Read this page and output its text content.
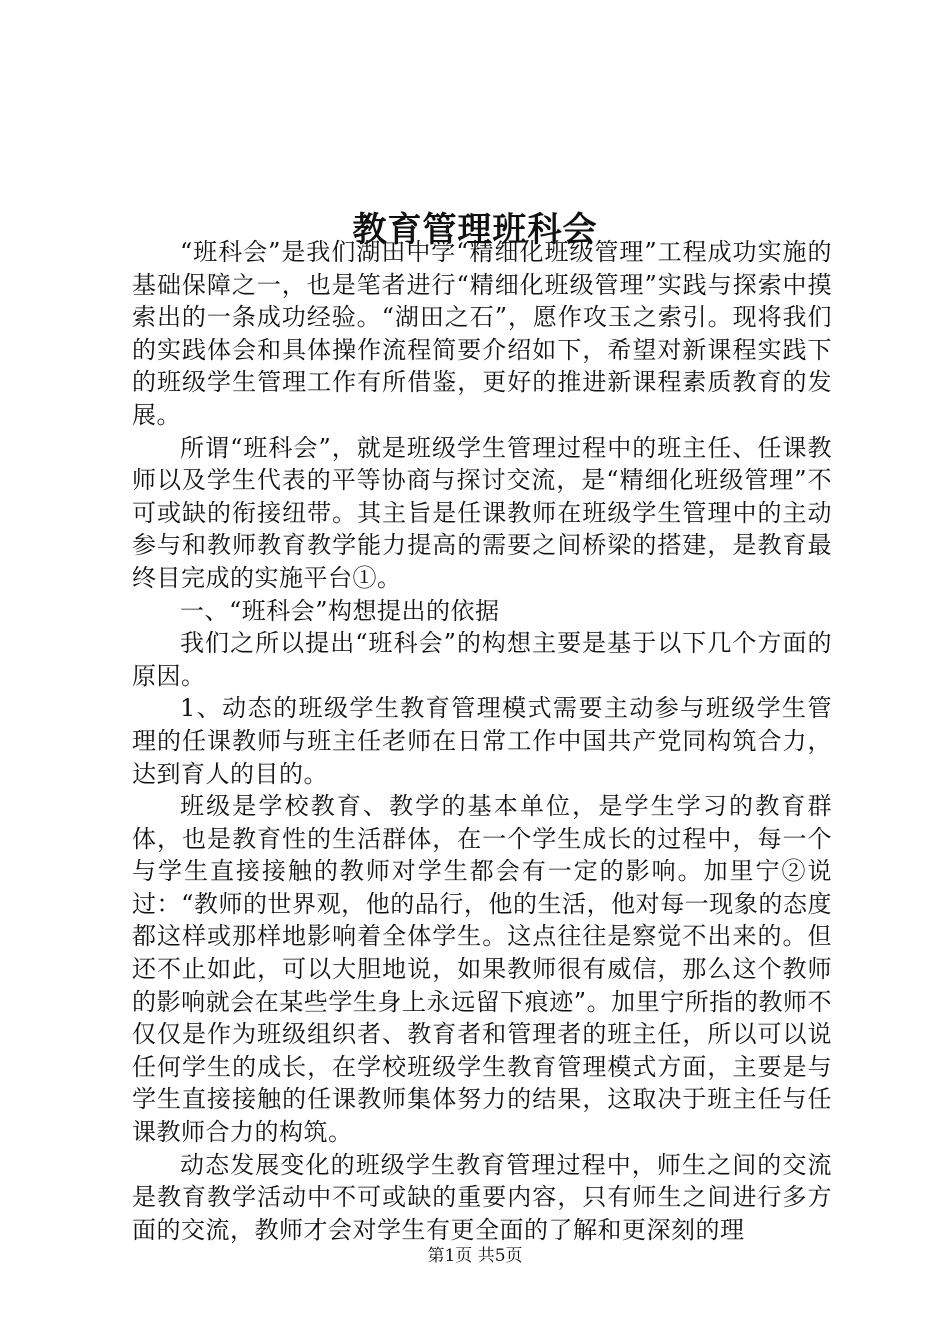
教育管理班科会

“班科会”是我们湖田中学“精细化班级管理”工程成功实施的基础保障之一，也是笔者进行“精细化班级管理”实践与探索中摸索出的一条成功经验。“湖田之石”，愿作攻玉之索引。现将我们的实践体会和具体操作流程简要介绍如下，希望对新课程实践下的班级学生管理工作有所借鉴，更好的推进新课程素质教育的发展。

所谓“班科会”，就是班级学生管理过程中的班主任、任课教师以及学生代表的平等协商与探讨交流，是“精细化班级管理”不可或缺的衔接纽带。其主旨是任课教师在班级学生管理中的主动参与和教师教育教学能力提高的需要之间桥梁的搭建，是教育最终目完成的实施平台①。

一、“班科会”构想提出的依据

我们之所以提出“班科会”的构想主要是基于以下几个方面的原因。

1、动态的班级学生教育管理模式需要主动参与班级学生管理的任课教师与班主任老师在日常工作中国共产党同构筑合力，达到育人的目的。

班级是学校教育、教学的基本单位，是学生学习的教育群体，也是教育性的生活群体，在一个学生成长的过程中，每一个与学生直接接触的教师对学生都会有一定的影响。加里宁②说过：“教师的世界观，他的品行，他的生活，他对每一现象的态度都这样或那样地影响着全体学生。这点往往是察觉不出来的。但还不止如此，可以大胆地说，如果教师很有威信，那么这个教师的影响就会在某些学生身上永远留下痕迹”。加里宁所指的教师不仅仅是作为班级组织者、教育者和管理者的班主任，所以可以说任何学生的成长，在学校班级学生教育管理模式方面，主要是与学生直接接触的任课教师集体努力的结果，这取决于班主任与任课教师合力的构筑。

动态发展变化的班级学生教育管理过程中，师生之间的交流是教育教学活动中不可或缺的重要内容，只有师生之间进行多方面的交流，教师才会对学生有更全面的了解和更深刻的理

第1页 共5页
